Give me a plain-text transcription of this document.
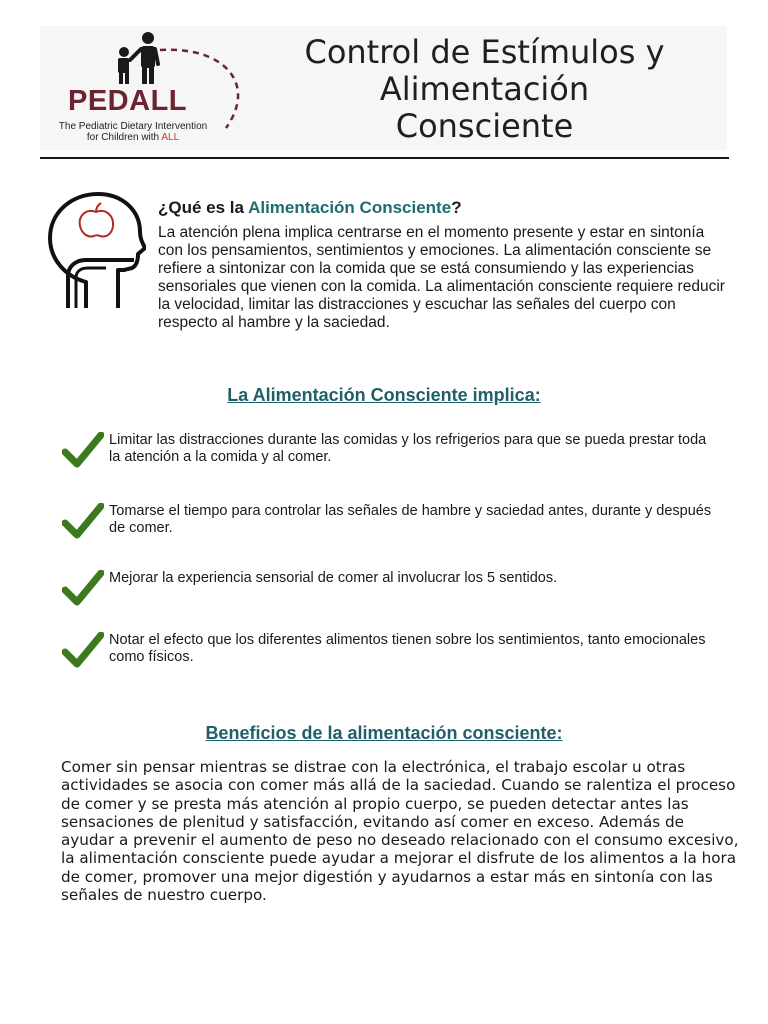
PEDALL
The Pediatric Dietary Intervention
for Children with ALL
Control de Estímulos y
Alimentación
Consciente
¿Qué es la Alimentación Consciente?

La atención plena implica centrarse en el momento presente y estar en sintonía con los pensamientos, sentimientos y emociones. La alimentación consciente se refiere a sintonizar con la comida que se está consumiendo y las experiencias sensoriales que vienen con la comida. La alimentación consciente requiere reducir la velocidad, limitar las distracciones y escuchar las señales del cuerpo con respecto al hambre y la saciedad.

La Alimentación Consciente implica:

Limitar las distracciones durante las comidas y los refrigerios para que se pueda prestar toda la atención a la comida y al comer.

Tomarse el tiempo para controlar las señales de hambre y saciedad antes, durante y después de comer.

Mejorar la experiencia sensorial de comer al involucrar los 5 sentidos.

Notar el efecto que los diferentes alimentos tienen sobre los sentimientos, tanto emocionales como físicos.

Beneficios de la alimentación consciente:

Comer sin pensar mientras se distrae con la electrónica, el trabajo escolar u otras actividades se asocia con comer más allá de la saciedad. Cuando se ralentiza el proceso de comer y se presta más atención al propio cuerpo, se pueden detectar antes las sensaciones de plenitud y satisfacción, evitando así comer en exceso. Además de ayudar a prevenir el aumento de peso no deseado relacionado con el consumo excesivo, la alimentación consciente puede ayudar a mejorar el disfrute de los alimentos a la hora de comer, promover una mejor digestión y ayudarnos a estar más en sintonía con las señales de nuestro cuerpo.
